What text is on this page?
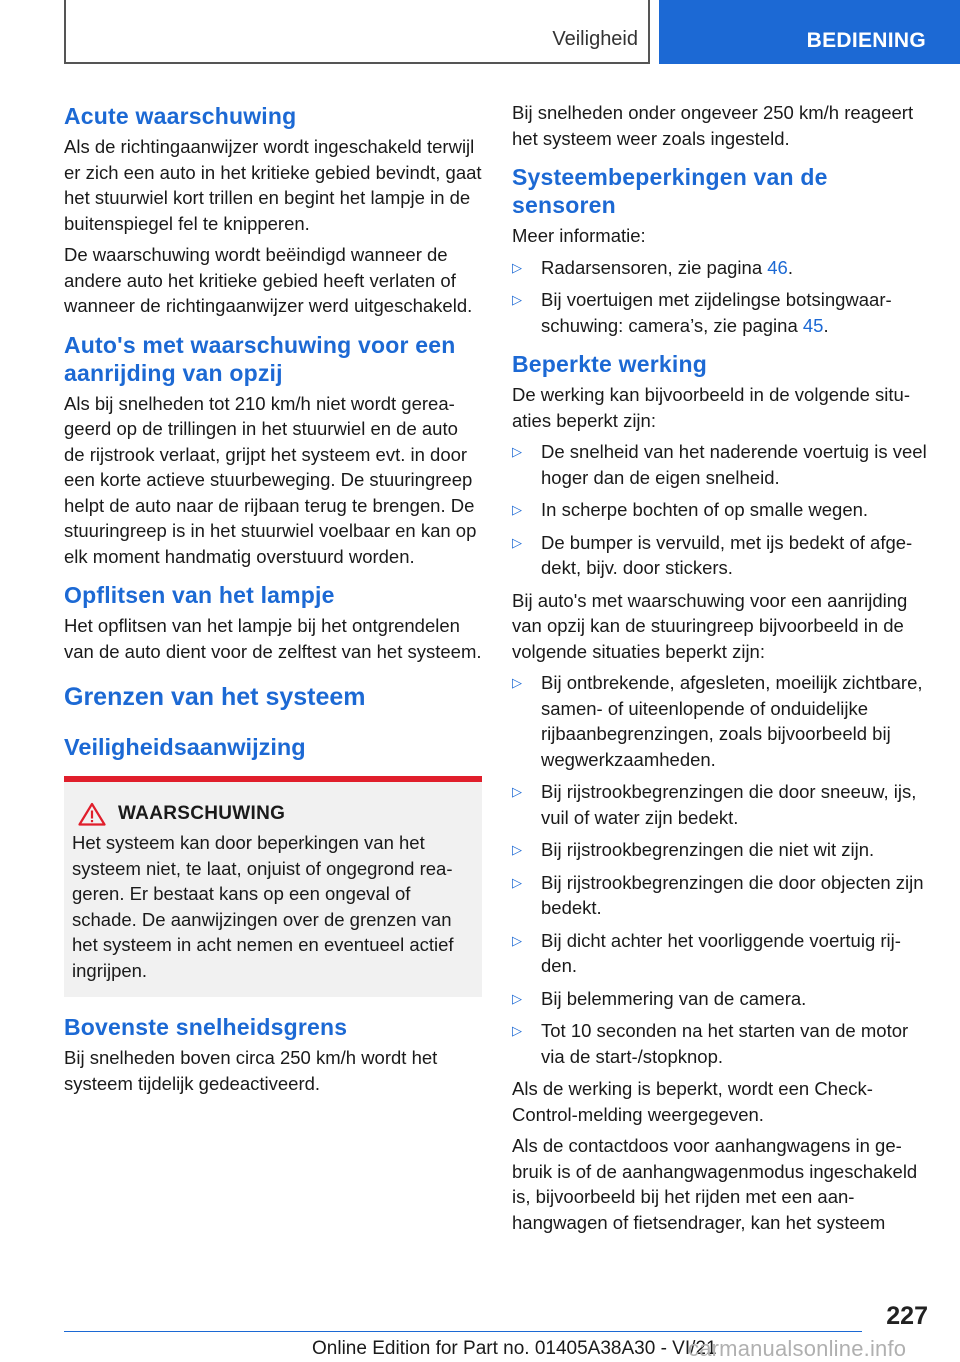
Veiligheid	BEDIENING
Acute waarschuwing

Als de richtingaanwijzer wordt ingeschakeld terwijl er zich een auto in het kritieke gebied bevindt, gaat het stuurwiel kort trillen en begint het lampje in de buitenspiegel fel te knipperen.

De waarschuwing wordt beëindigd wanneer de andere auto het kritieke gebied heeft verlaten of wanneer de richtingaanwijzer werd uitgeschakeld.

Auto's met waarschuwing voor een aanrijding van opzij

Als bij snelheden tot 210 km/h niet wordt gereageerd op de trillingen in het stuurwiel en de auto de rijstrook verlaat, grijpt het systeem evt. in door een korte actieve stuurbeweging. De stuuringreep helpt de auto naar de rijbaan terug te brengen. De stuuringreep is in het stuurwiel voelbaar en kan op elk moment handmatig overstuurd worden.

Opflitsen van het lampje

Het opflitsen van het lampje bij het ontgrendelen van de auto dient voor de zelftest van het systeem.

Grenzen van het systeem
Veiligheidsaanwijzing
WAARSCHUWING

Het systeem kan door beperkingen van het systeem niet, te laat, onjuist of ongegrond reageren. Er bestaat kans op een ongeval of schade. De aanwijzingen over de grenzen van het systeem in acht nemen en eventueel actief ingrijpen.

Bovenste snelheidsgrens

Bij snelheden boven circa 250 km/h wordt het systeem tijdelijk gedeactiveerd.

Bij snelheden onder ongeveer 250 km/h reageert het systeem weer zoals ingesteld.

Systeembeperkingen van de sensoren

Meer informatie:

▷ Radarsensoren, zie pagina 46.
▷ Bij voertuigen met zijdelingse botsingwaarschuwing: camera’s, zie pagina 45.
Beperkte werking

De werking kan bijvoorbeeld in de volgende situaties beperkt zijn:

▷ De snelheid van het naderende voertuig is veel hoger dan de eigen snelheid.
▷ In scherpe bochten of op smalle wegen.
▷ De bumper is vervuild, met ijs bedekt of afgedekt, bijv. door stickers.

Bij auto's met waarschuwing voor een aanrijding van opzij kan de stuuringreep bijvoorbeeld in de volgende situaties beperkt zijn:

▷ Bij ontbrekende, afgesleten, moeilijk zichtbare, samen- of uiteenlopende of onduidelijke rijbaanbegrenzingen, zoals bijvoorbeeld bij wegwerkzaamheden.
▷ Bij rijstrookbegrenzingen die door sneeuw, ijs, vuil of water zijn bedekt.
▷ Bij rijstrookbegrenzingen die niet wit zijn.
▷ Bij rijstrookbegrenzingen die door objecten zijn bedekt.
▷ Bij dicht achter het voorliggende voertuig rijden.
▷ Bij belemmering van de camera.
▷ Tot 10 seconden na het starten van de motor via de start-/stopknop.

Als de werking is beperkt, wordt een Check-Control-melding weergegeven.

Als de contactdoos voor aanhangwagens in gebruik is of de aanhangwagenmodus ingeschakeld is, bijvoorbeeld bij het rijden met een aanhangwagen of fietsendrager, kan het systeem

227
Online Edition for Part no. 01405A38A30 - VI/21
carmanualsonline.info
